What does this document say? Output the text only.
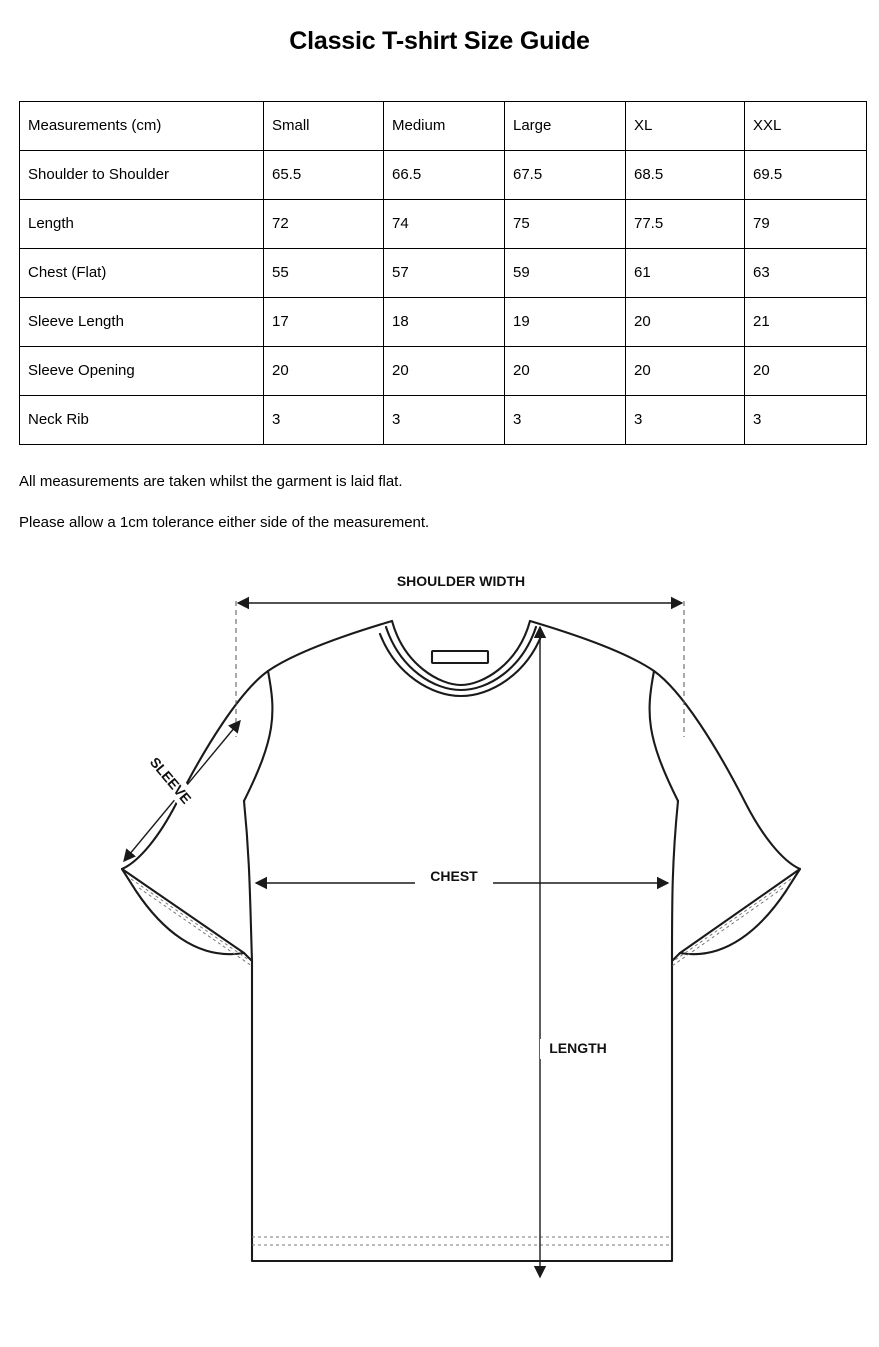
Classic T-shirt Size Guide
Measurements (cm)	Small	Medium	Large	XL	XXL
Shoulder to Shoulder	65.5	66.5	67.5	68.5	69.5
Length	72	74	75	77.5	79
Chest (Flat)	55	57	59	61	63
Sleeve Length	17	18	19	20	21
Sleeve Opening	20	20	20	20	20
Neck Rib	3	3	3	3	3

All measurements are taken whilst the garment is laid flat.

Please allow a 1cm tolerance either side of the measurement.

SHOULDER WIDTH
SLEEVE
CHEST
LENGTH
